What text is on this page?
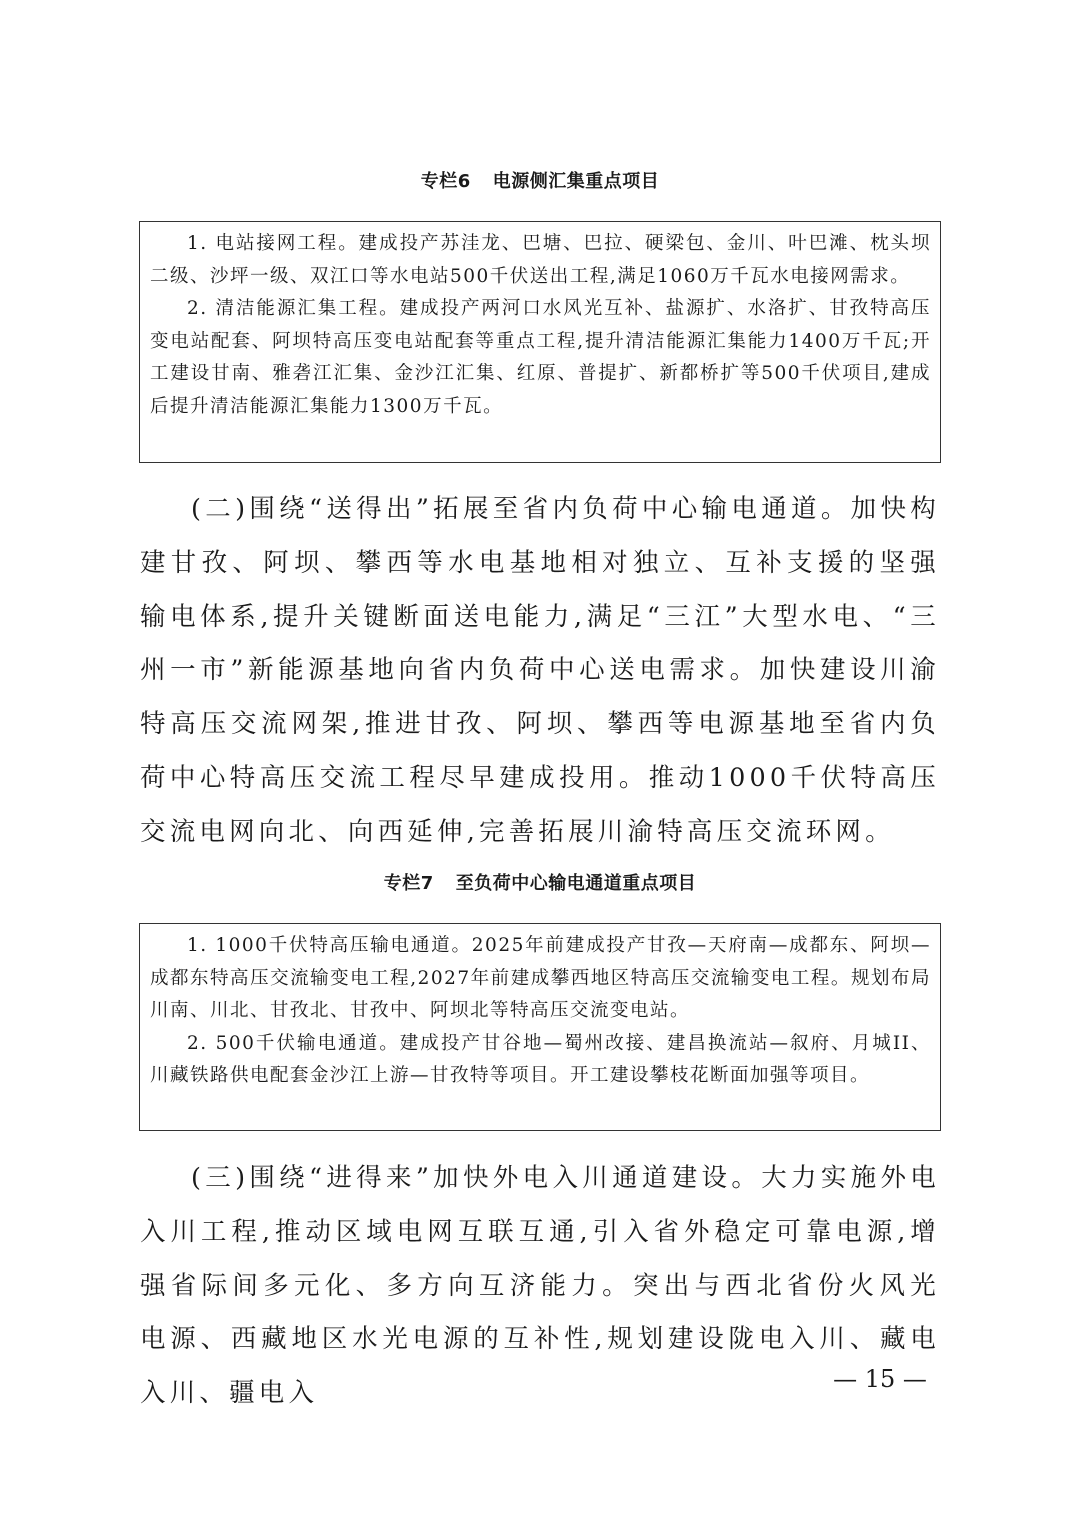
专栏6 电源侧汇集重点项目

1. 电站接网工程。建成投产苏洼龙、巴塘、巴拉、硬梁包、金川、叶巴滩、枕头坝二级、沙坪一级、双江口等水电站500千伏送出工程,满足1060万千瓦水电接网需求。

2. 清洁能源汇集工程。建成投产两河口水风光互补、盐源扩、水洛扩、甘孜特高压变电站配套、阿坝特高压变电站配套等重点工程,提升清洁能源汇集能力1400万千瓦;开工建设甘南、雅砻江汇集、金沙江汇集、红原、普提扩、新都桥扩等500千伏项目,建成后提升清洁能源汇集能力1300万千瓦。

(二)围绕“送得出”拓展至省内负荷中心输电通道。加快构建甘孜、阿坝、攀西等水电基地相对独立、互补支援的坚强输电体系,提升关键断面送电能力,满足“三江”大型水电、“三州一市”新能源基地向省内负荷中心送电需求。加快建设川渝特高压交流网架,推进甘孜、阿坝、攀西等电源基地至省内负荷中心特高压交流工程尽早建成投用。推动1000千伏特高压交流电网向北、向西延伸,完善拓展川渝特高压交流环网。

专栏7 至负荷中心输电通道重点项目

1. 1000千伏特高压输电通道。2025年前建成投产甘孜—天府南—成都东、阿坝—成都东特高压交流输变电工程,2027年前建成攀西地区特高压交流输变电工程。规划布局川南、川北、甘孜北、甘孜中、阿坝北等特高压交流变电站。

2. 500千伏输电通道。建成投产甘谷地—蜀州改接、建昌换流站—叙府、月城II、川藏铁路供电配套金沙江上游—甘孜特等项目。开工建设攀枝花断面加强等项目。

(三)围绕“进得来”加快外电入川通道建设。大力实施外电入川工程,推动区域电网互联互通,引入省外稳定可靠电源,增强省际间多元化、多方向互济能力。突出与西北省份火风光电源、西藏地区水光电源的互补性,规划建设陇电入川、藏电入川、疆电入	— 15 —
